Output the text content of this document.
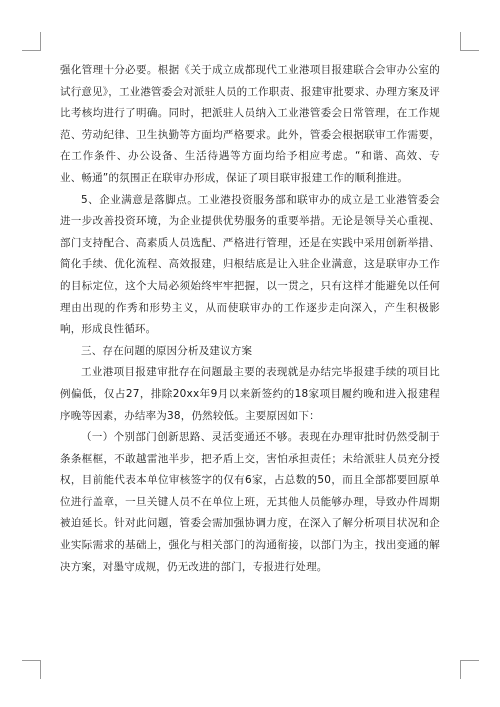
强化管理十分必要。根据《关于成立成都现代工业港项目报建联合会审办公室的试行意见》，工业港管委会对派驻人员的工作职责、报建审批要求、办理方案及评比考核均进行了明确。同时，把派驻人员纳入工业港管委会日常管理，在工作规范、劳动纪律、卫生执勤等方面均严格要求。此外，管委会根据联审工作需要，在工作条件、办公设备、生活待遇等方面均给予相应考虑。“和谐、高效、专业、畅通”的氛围正在联审办形成，保证了项目联审报建工作的顺利推进。

5、企业满意是落脚点。工业港投资服务部和联审办的成立是工业港管委会进一步改善投资环境，为企业提供优势服务的重要举措。无论是领导关心重视、部门支持配合、高素质人员选配、严格进行管理，还是在实践中采用创新举措、简化手续、优化流程、高效报建，归根结底是让入驻企业满意，这是联审办工作的目标定位，这个大局必须始终牢牢把握，以一贯之，只有这样才能避免以任何理由出现的作秀和形势主义，从而使联审办的工作逐步走向深入，产生积极影响，形成良性循环。

三、存在问题的原因分析及建议方案

工业港项目报建审批存在问题最主要的表现就是办结完毕报建手续的项目比例偏低，仅占27，排除20xx年9月以来新签约的18家项目履约晚和进入报建程序晚等因素，办结率为38，仍然较低。主要原因如下：

（一）个别部门创新思路、灵活变通还不够。表现在办理审批时仍然受制于条条框框，不敢越雷池半步，把矛盾上交，害怕承担责任；未给派驻人员充分授权，目前能代表本单位审核签字的仅有6家，占总数的50，而且全部都要回原单位进行盖章，一旦关键人员不在单位上班，无其他人员能够办理，导致办件周期被迫延长。针对此问题，管委会需加强协调力度，在深入了解分析项目状况和企业实际需求的基础上，强化与相关部门的沟通衔接，以部门为主，找出变通的解决方案，对墨守成规，仍无改进的部门，专报进行处理。
